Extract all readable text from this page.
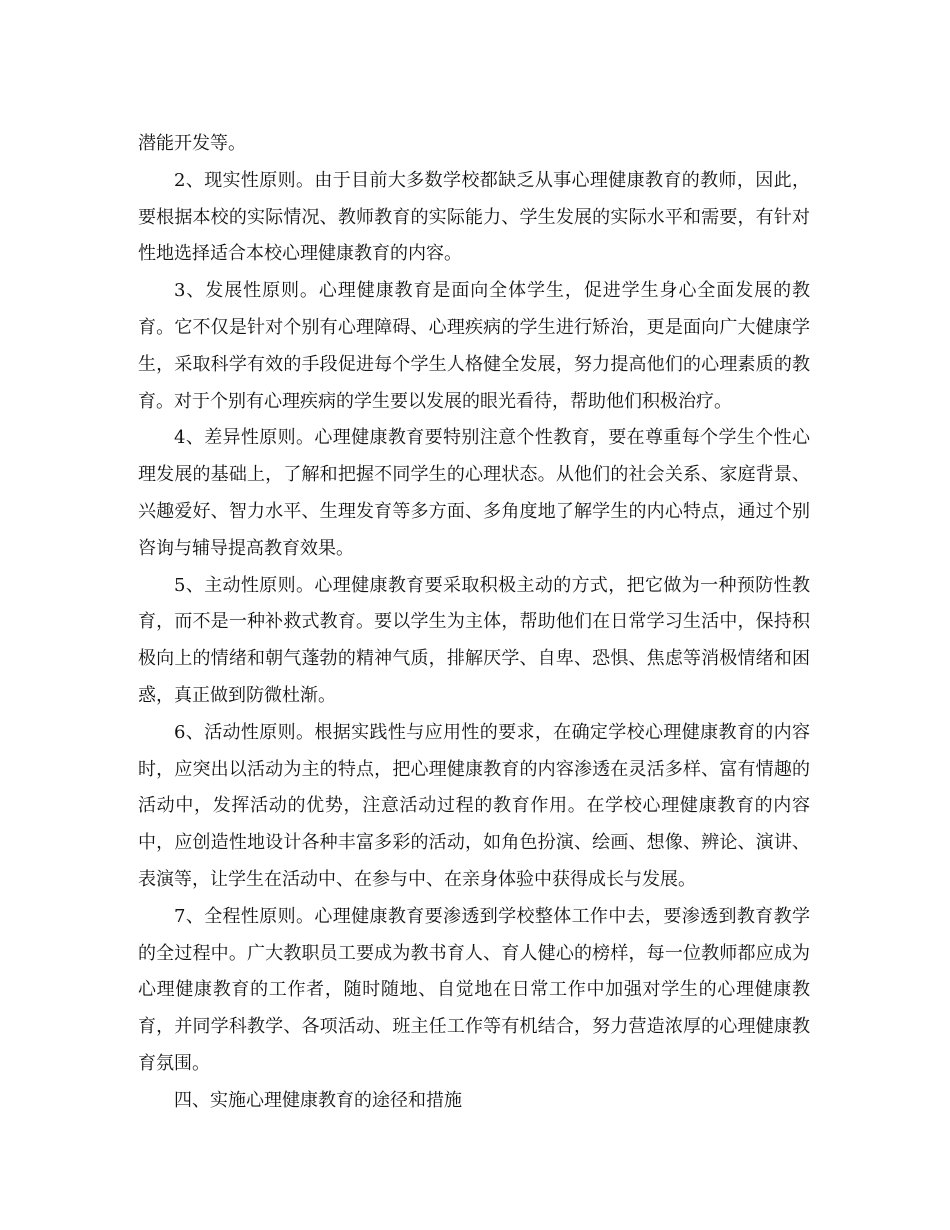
潜能开发等。

2、现实性原则。由于目前大多数学校都缺乏从事心理健康教育的教师，因此，要根据本校的实际情况、教师教育的实际能力、学生发展的实际水平和需要，有针对性地选择适合本校心理健康教育的内容。

3、发展性原则。心理健康教育是面向全体学生，促进学生身心全面发展的教育。它不仅是针对个别有心理障碍、心理疾病的学生进行矫治，更是面向广大健康学生，采取科学有效的手段促进每个学生人格健全发展，努力提高他们的心理素质的教育。对于个别有心理疾病的学生要以发展的眼光看待，帮助他们积极治疗。

4、差异性原则。心理健康教育要特别注意个性教育，要在尊重每个学生个性心理发展的基础上，了解和把握不同学生的心理状态。从他们的社会关系、家庭背景、兴趣爱好、智力水平、生理发育等多方面、多角度地了解学生的内心特点，通过个别咨询与辅导提高教育效果。

5、主动性原则。心理健康教育要采取积极主动的方式，把它做为一种预防性教育，而不是一种补救式教育。要以学生为主体，帮助他们在日常学习生活中，保持积极向上的情绪和朝气蓬勃的精神气质，排解厌学、自卑、恐惧、焦虑等消极情绪和困惑，真正做到防微杜渐。

6、活动性原则。根据实践性与应用性的要求，在确定学校心理健康教育的内容时，应突出以活动为主的特点，把心理健康教育的内容渗透在灵活多样、富有情趣的活动中，发挥活动的优势，注意活动过程的教育作用。在学校心理健康教育的内容中，应创造性地设计各种丰富多彩的活动，如角色扮演、绘画、想像、辨论、演讲、表演等，让学生在活动中、在参与中、在亲身体验中获得成长与发展。

7、全程性原则。心理健康教育要渗透到学校整体工作中去，要渗透到教育教学的全过程中。广大教职员工要成为教书育人、育人健心的榜样，每一位教师都应成为心理健康教育的工作者，随时随地、自觉地在日常工作中加强对学生的心理健康教育，并同学科教学、各项活动、班主任工作等有机结合，努力营造浓厚的心理健康教育氛围。

四、实施心理健康教育的途径和措施
